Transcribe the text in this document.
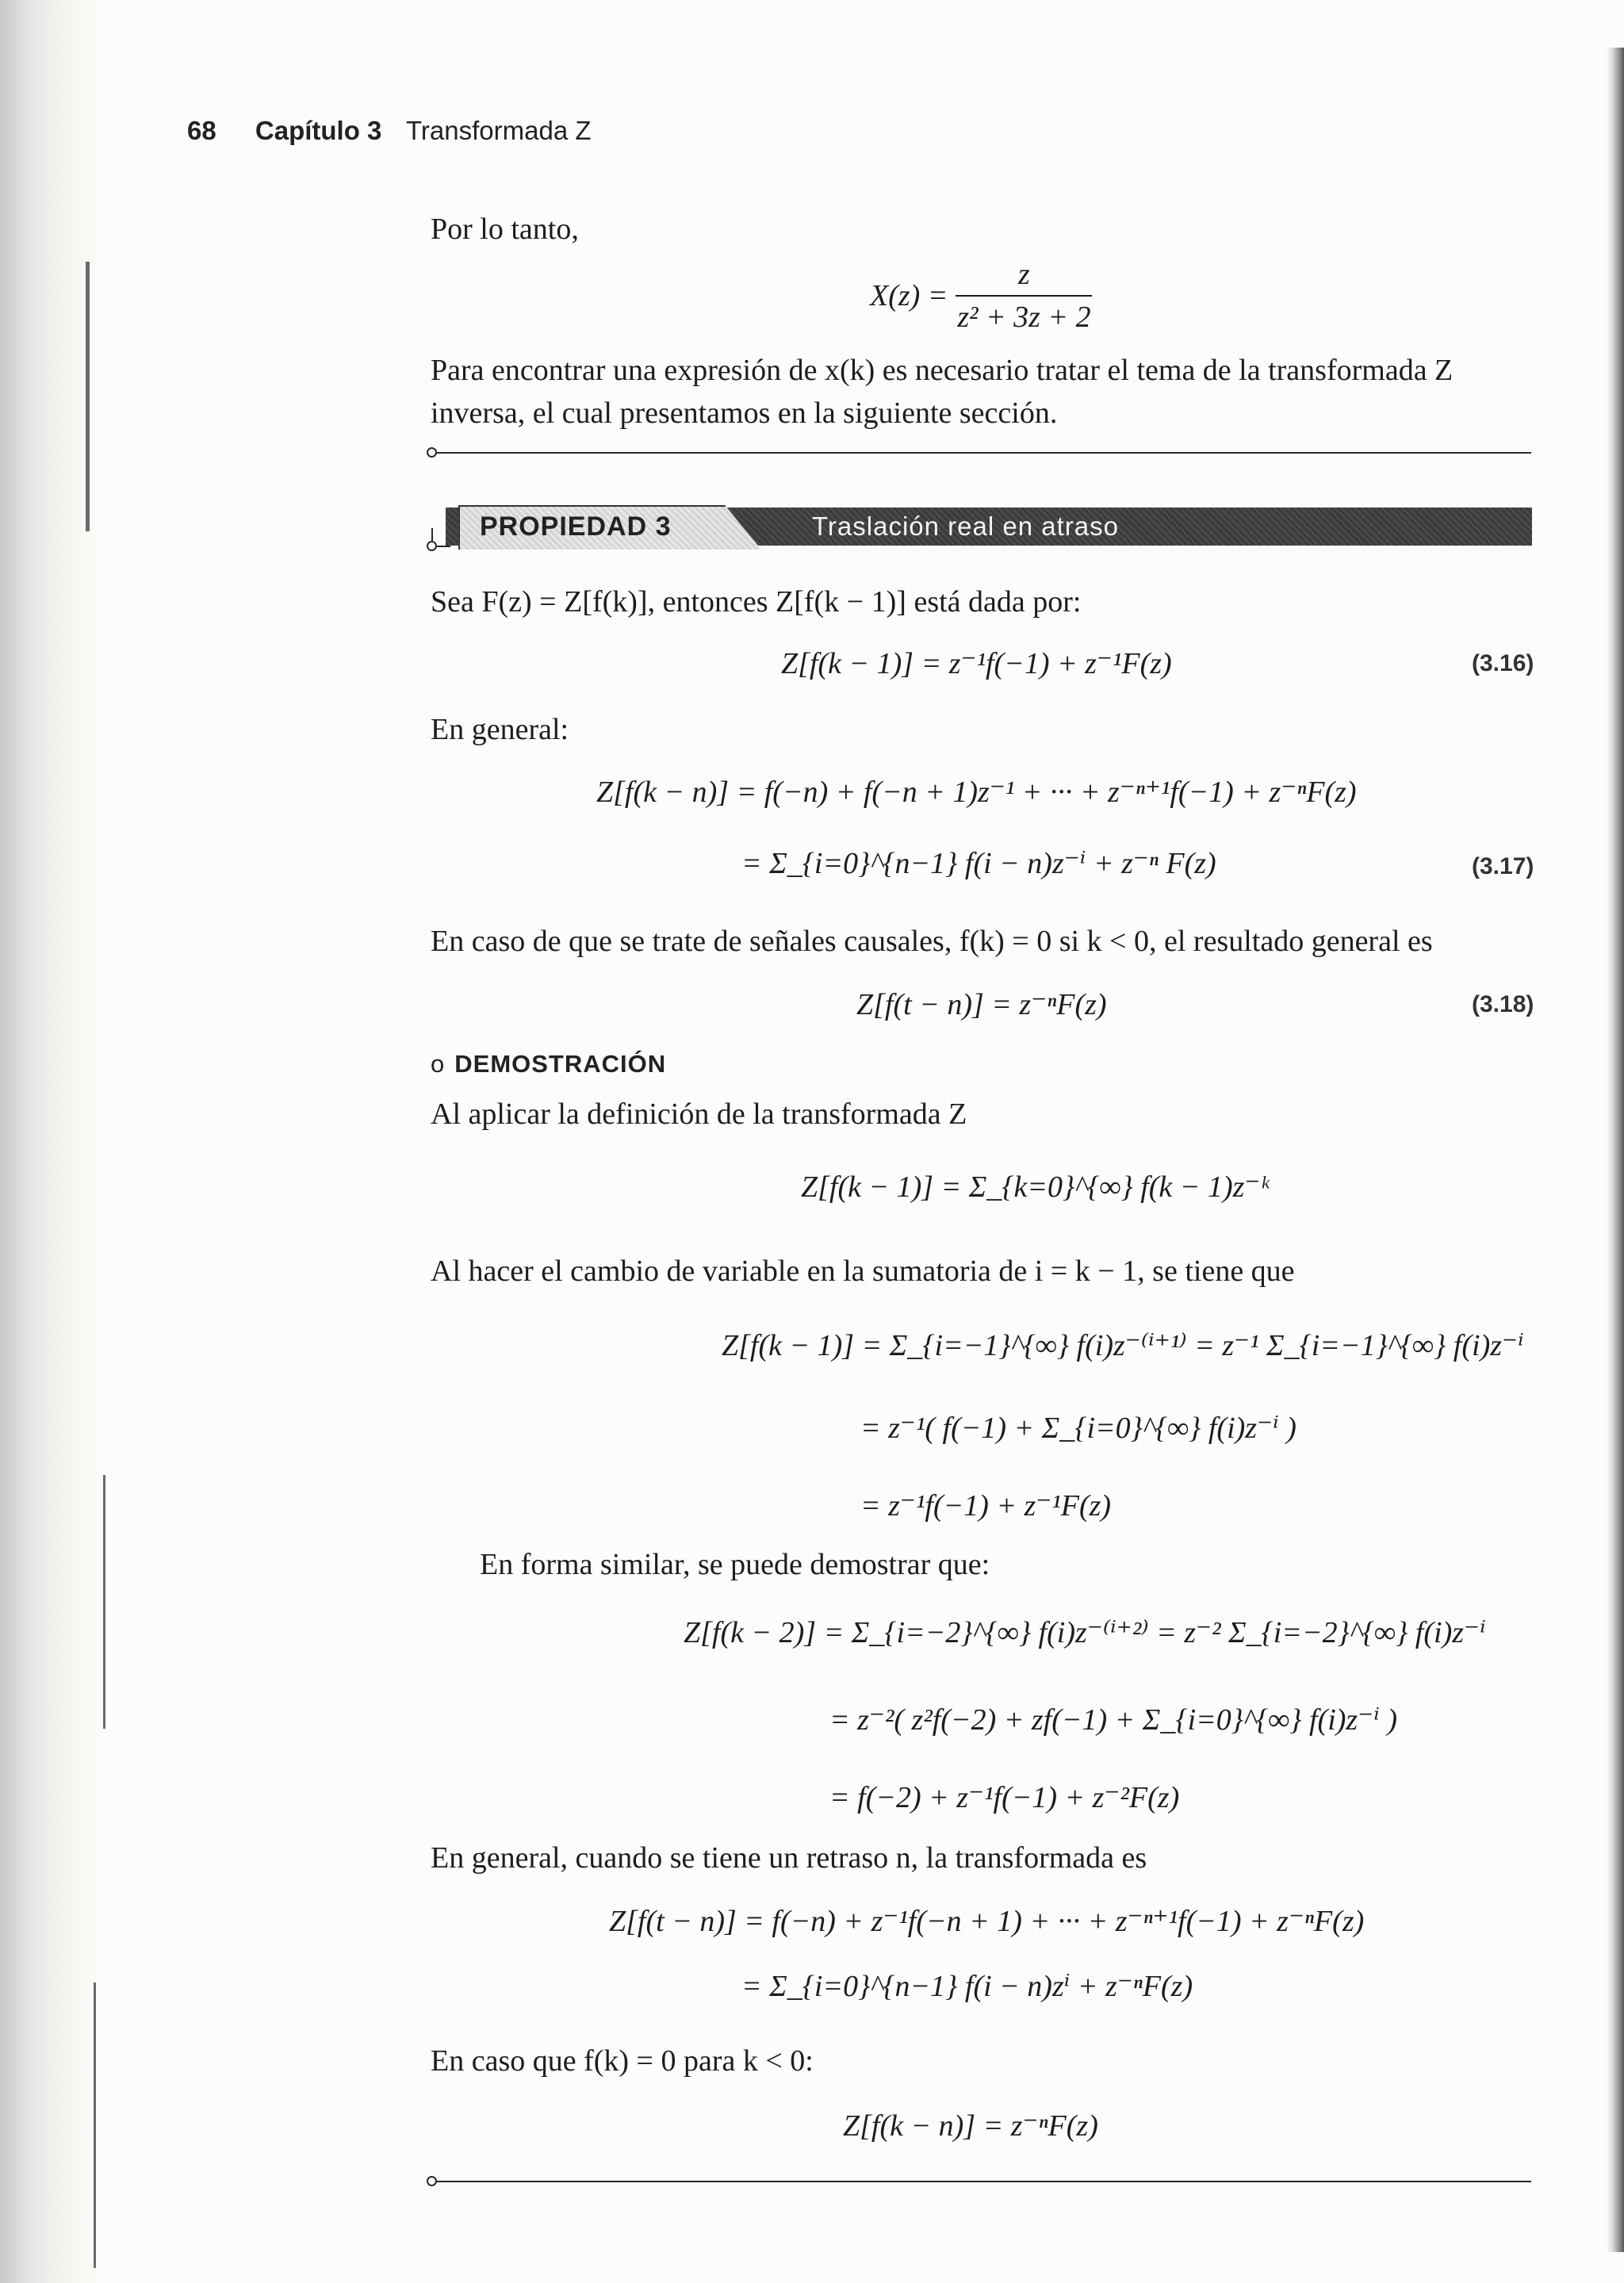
68 Capítulo 3 Transformada Z

Por lo tanto,

X(z) =
z
z² + 3z + 2

Para encontrar una expresión de x(k) es necesario tratar el tema de la transformada Z inversa, el cual presentamos en la siguiente sección.

PROPIEDAD 3	Traslación real en atraso

Sea F(z) = Z[f(k)], entonces Z[f(k − 1)] está dada por:

Z[f(k − 1)] = z⁻¹f(−1) + z⁻¹F(z)	(3.16)

En general:

Z[f(k − n)] = f(−n) + f(−n + 1)z⁻¹ + ··· + z⁻ⁿ⁺¹f(−1) + z⁻ⁿF(z)
= Σ_{i=0}^{n−1} f(i − n)z⁻ⁱ + z⁻ⁿ F(z)	(3.17)

En caso de que se trate de señales causales, f(k) = 0 si k < 0, el resultado general es

Z[f(t − n)] = z⁻ⁿF(z)	(3.18)
o DEMOSTRACIÓN

Al aplicar la definición de la transformada Z

Z[f(k − 1)] = Σ_{k=0}^{∞} f(k − 1)z⁻ᵏ

Al hacer el cambio de variable en la sumatoria de i = k − 1, se tiene que

Z[f(k − 1)] = Σ_{i=−1}^{∞} f(i)z⁻⁽ⁱ⁺¹⁾ = z⁻¹ Σ_{i=−1}^{∞} f(i)z⁻ⁱ
= z⁻¹( f(−1) + Σ_{i=0}^{∞} f(i)z⁻ⁱ )
= z⁻¹f(−1) + z⁻¹F(z)

En forma similar, se puede demostrar que:

Z[f(k − 2)] = Σ_{i=−2}^{∞} f(i)z⁻⁽ⁱ⁺²⁾ = z⁻² Σ_{i=−2}^{∞} f(i)z⁻ⁱ
= z⁻²( z²f(−2) + zf(−1) + Σ_{i=0}^{∞} f(i)z⁻ⁱ )
= f(−2) + z⁻¹f(−1) + z⁻²F(z)

En general, cuando se tiene un retraso n, la transformada es

Z[f(t − n)] = f(−n) + z⁻¹f(−n + 1) + ··· + z⁻ⁿ⁺¹f(−1) + z⁻ⁿF(z)
= Σ_{i=0}^{n−1} f(i − n)zⁱ + z⁻ⁿF(z)

En caso que f(k) = 0 para k < 0:

Z[f(k − n)] = z⁻ⁿF(z)
